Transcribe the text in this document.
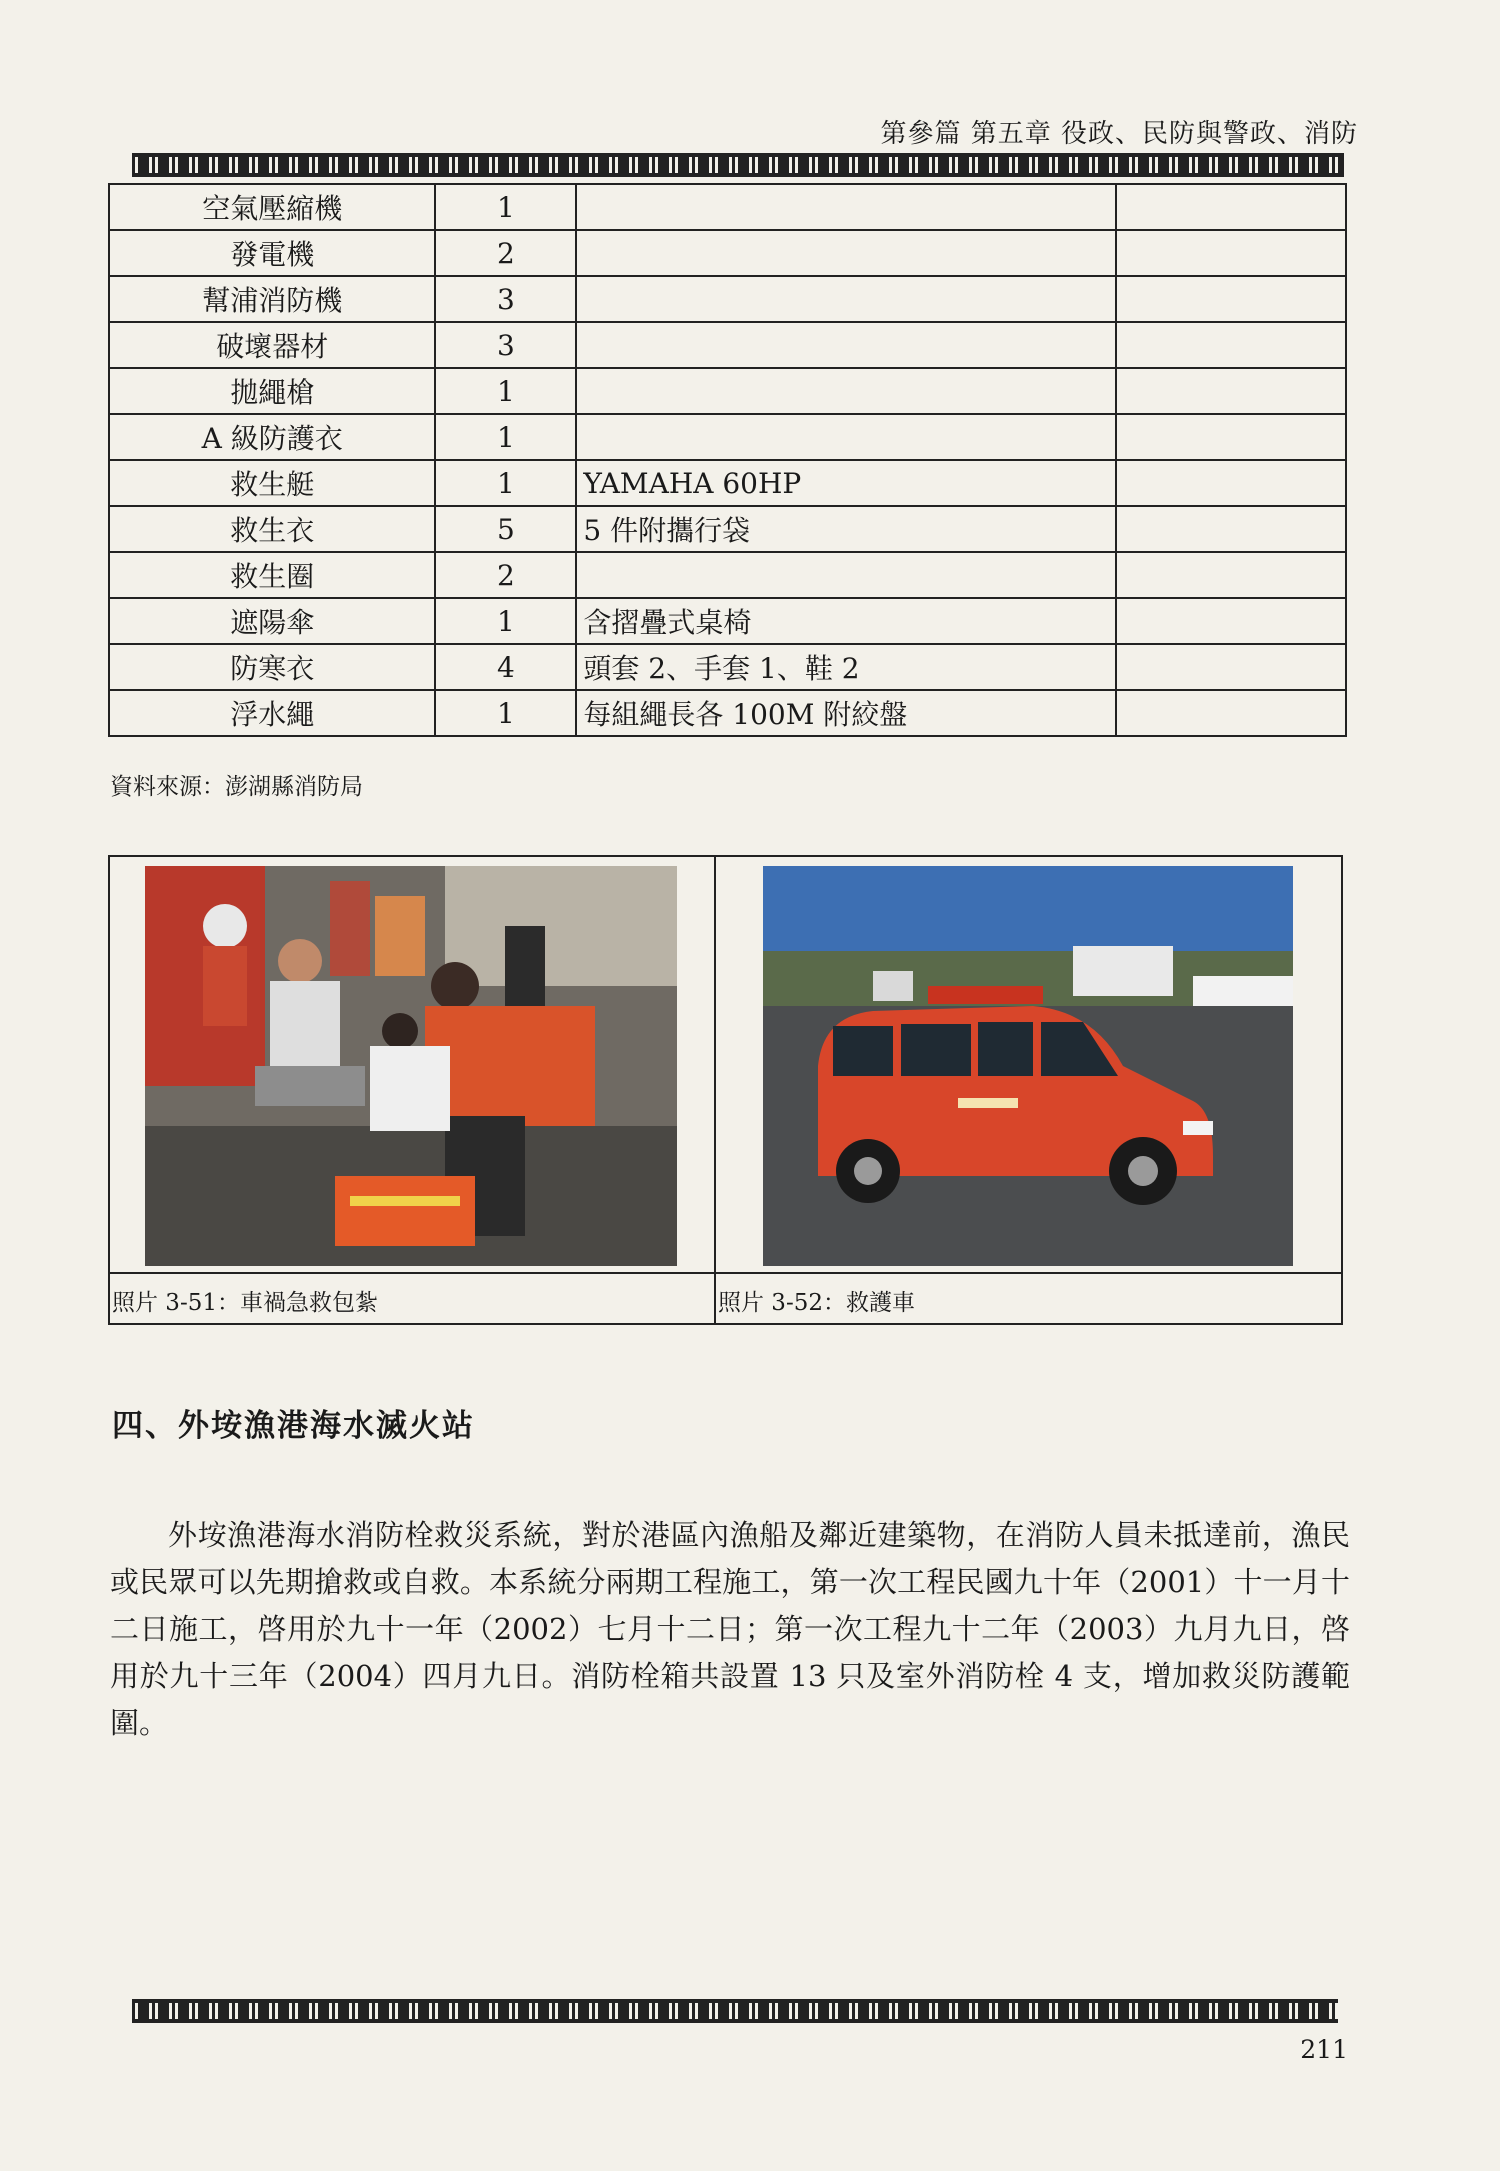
第參篇 第五章 役政、民防與警政、消防
空氣壓縮機	1		
發電機	2		
幫浦消防機	3		
破壞器材	3		
拋繩槍	1		
A 級防護衣	1		
救生艇	1	YAMAHA 60HP	
救生衣	5	5 件附攜行袋	
救生圈	2		
遮陽傘	1	含摺疊式桌椅	
防寒衣	4	頭套 2、手套 1、鞋 2	
浮水繩	1	每組繩長各 100M 附絞盤	
資料來源：澎湖縣消防局
照片 3-51：車禍急救包紮	照片 3-52：救護車
四、外垵漁港海水滅火站
外垵漁港海水消防栓救災系統，對於港區內漁船及鄰近建築物，在消防人員未抵達前，漁民或民眾可以先期搶救或自救。本系統分兩期工程施工，第一次工程民國九十年（2001）十一月十二日施工，啓用於九十一年（2002）七月十二日；第一次工程九十二年（2003）九月九日，啓用於九十三年（2004）四月九日。消防栓箱共設置 13 只及室外消防栓 4 支，增加救災防護範圍。
211
